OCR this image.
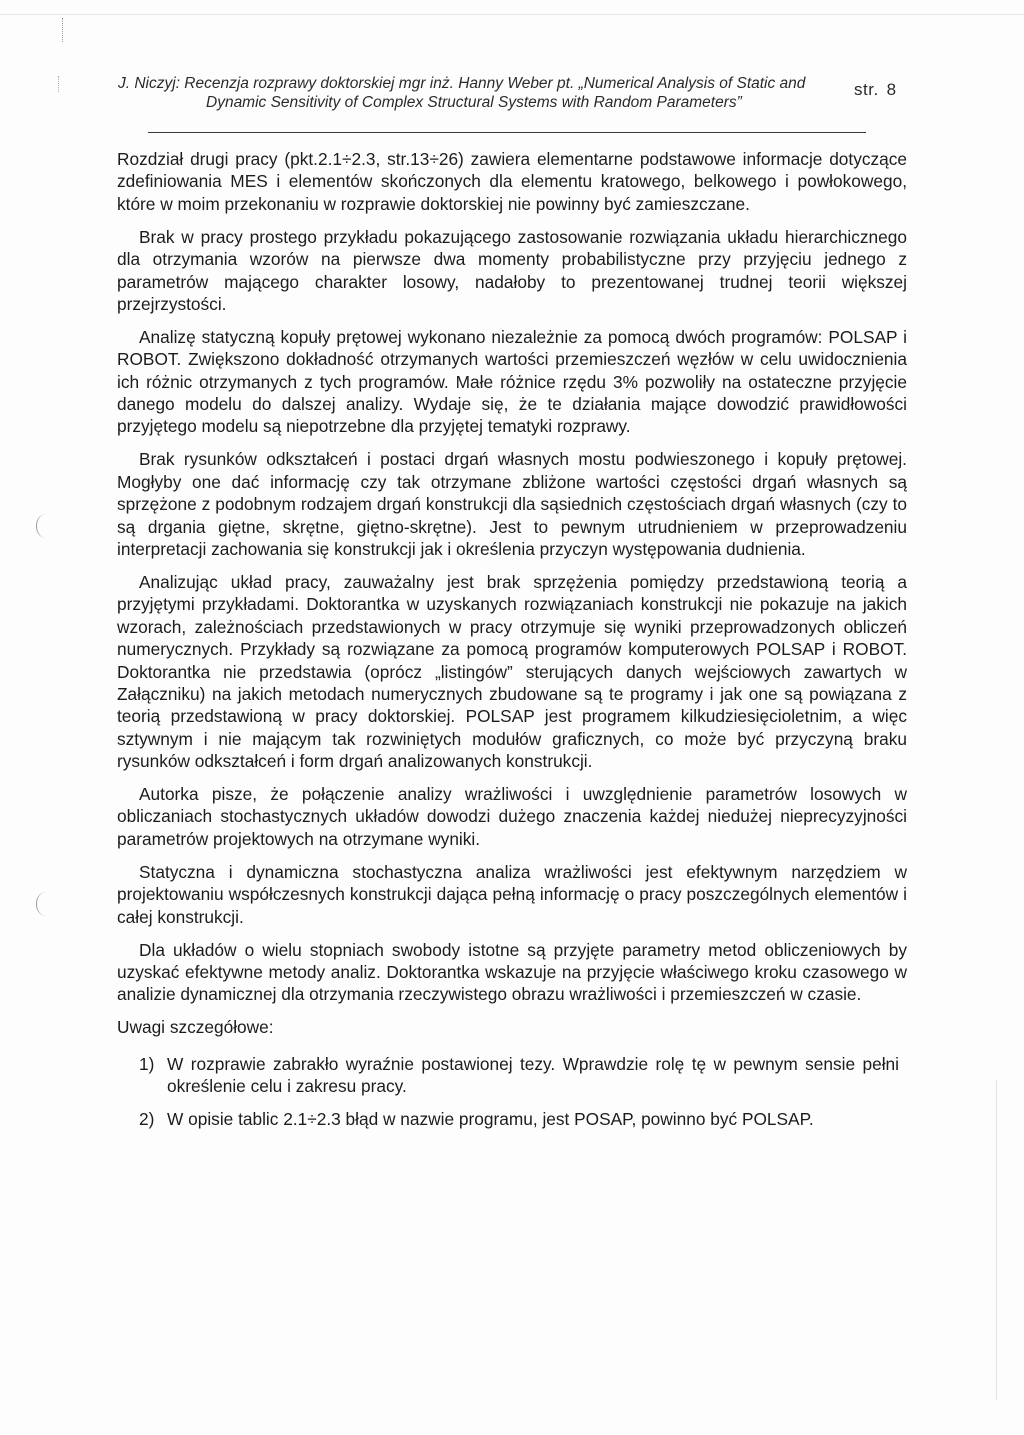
J. Niczyj: Recenzja rozprawy doktorskiej mgr inż. Hanny Weber pt. „Numerical Analysis of Static and
Dynamic Sensitivity of Complex Structural Systems with Random Parameters”
str. 8

Rozdział drugi pracy (pkt.2.1÷2.3, str.13÷26) zawiera elementarne podstawowe informacje dotyczące zdefiniowania MES i elementów skończonych dla elementu kratowego, belkowego i powłokowego, które w moim przekonaniu w rozprawie doktorskiej nie powinny być zamieszczane.

Brak w pracy prostego przykładu pokazującego zastosowanie rozwiązania układu hierarchicznego dla otrzymania wzorów na pierwsze dwa momenty probabilistyczne przy przyjęciu jednego z parametrów mającego charakter losowy, nadałoby to prezentowanej trudnej teorii większej przejrzystości.

Analizę statyczną kopuły prętowej wykonano niezależnie za pomocą dwóch programów: POLSAP i ROBOT. Zwiększono dokładność otrzymanych wartości przemieszczeń węzłów w celu uwidocznienia ich różnic otrzymanych z tych programów. Małe różnice rzędu 3% pozwoliły na ostateczne przyjęcie danego modelu do dalszej analizy. Wydaje się, że te działania mające dowodzić prawidłowości przyjętego modelu są niepotrzebne dla przyjętej tematyki rozprawy.

Brak rysunków odkształceń i postaci drgań własnych mostu podwieszonego i kopuły prętowej. Mogłyby one dać informację czy tak otrzymane zbliżone wartości częstości drgań własnych są sprzężone z podobnym rodzajem drgań konstrukcji dla sąsiednich częstościach drgań własnych (czy to są drgania giętne, skrętne, giętno-skrętne). Jest to pewnym utrudnieniem w przeprowadzeniu interpretacji zachowania się konstrukcji jak i określenia przyczyn występowania dudnienia.

Analizując układ pracy, zauważalny jest brak sprzężenia pomiędzy przedstawioną teorią a przyjętymi przykładami. Doktorantka w uzyskanych rozwiązaniach konstrukcji nie pokazuje na jakich wzorach, zależnościach przedstawionych w pracy otrzymuje się wyniki przeprowadzonych obliczeń numerycznych. Przykłady są rozwiązane za pomocą programów komputerowych POLSAP i ROBOT. Doktorantka nie przedstawia (oprócz „listingów” sterujących danych wejściowych zawartych w Załączniku) na jakich metodach numerycznych zbudowane są te programy i jak one są powiązana z teorią przedstawioną w pracy doktorskiej. POLSAP jest programem kilkudziesięcioletnim, a więc sztywnym i nie mającym tak rozwiniętych modułów graficznych, co może być przyczyną braku rysunków odkształceń i form drgań analizowanych konstrukcji.

Autorka pisze, że połączenie analizy wrażliwości i uwzględnienie parametrów losowych w obliczaniach stochastycznych układów dowodzi dużego znaczenia każdej niedużej nieprecyzyjności parametrów projektowych na otrzymane wyniki.

Statyczna i dynamiczna stochastyczna analiza wrażliwości jest efektywnym narzędziem w projektowaniu współczesnych konstrukcji dająca pełną informację o pracy poszczególnych elementów i całej konstrukcji.

Dla układów o wielu stopniach swobody istotne są przyjęte parametry metod obliczeniowych by uzyskać efektywne metody analiz. Doktorantka wskazuje na przyjęcie właściwego kroku czasowego w analizie dynamicznej dla otrzymania rzeczywistego obrazu wrażliwości i przemieszczeń w czasie.

Uwagi szczegółowe:

1) W rozprawie zabrakło wyraźnie postawionej tezy. Wprawdzie rolę tę w pewnym sensie pełni określenie celu i zakresu pracy.
2) W opisie tablic 2.1÷2.3 błąd w nazwie programu, jest POSAP, powinno być POLSAP.
